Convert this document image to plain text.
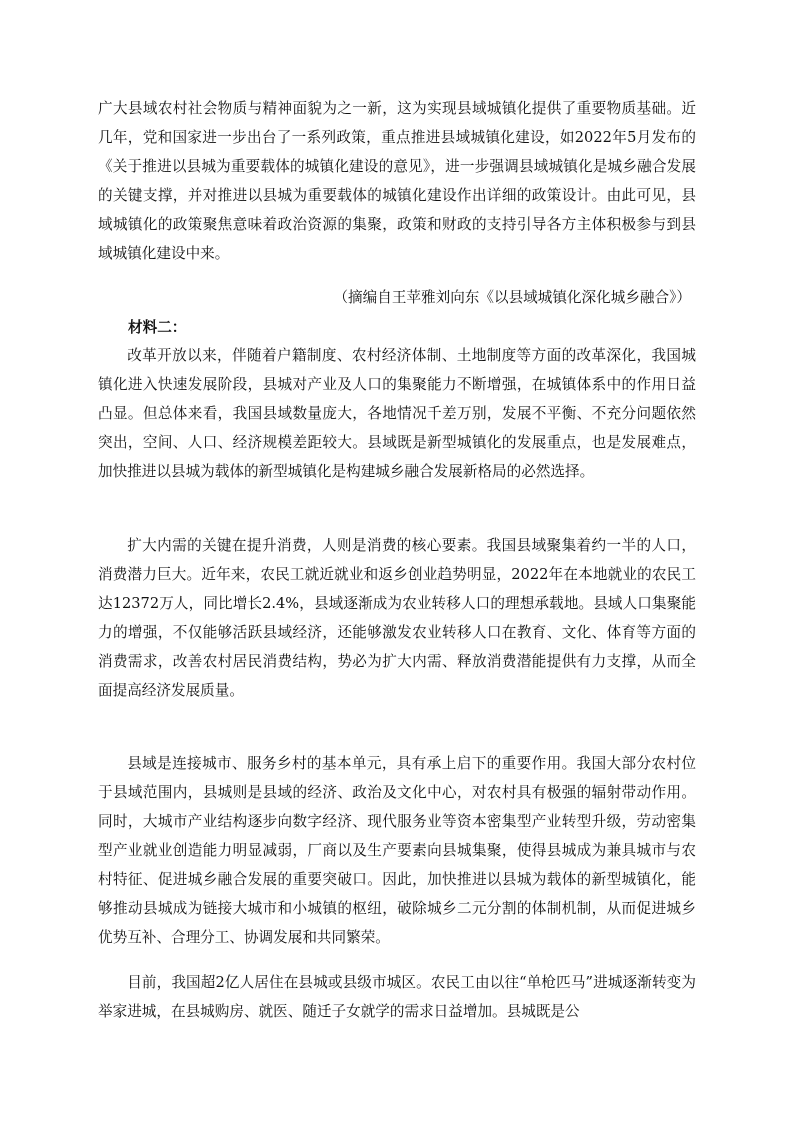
广大县域农村社会物质与精神面貌为之一新，这为实现县域城镇化提供了重要物质基础。近几年，党和国家进一步出台了一系列政策，重点推进县域城镇化建设，如2022年5月发布的《关于推进以县城为重要载体的城镇化建设的意见》，进一步强调县域城镇化是城乡融合发展的关键支撑，并对推进以县城为重要载体的城镇化建设作出详细的政策设计。由此可见，县域城镇化的政策聚焦意味着政治资源的集聚，政策和财政的支持引导各方主体积极参与到县域城镇化建设中来。

（摘编自王苹雅刘向东《以县域城镇化深化城乡融合》）

材料二：

改革开放以来，伴随着户籍制度、农村经济体制、土地制度等方面的改革深化，我国城镇化进入快速发展阶段，县城对产业及人口的集聚能力不断增强，在城镇体系中的作用日益凸显。但总体来看，我国县域数量庞大，各地情况千差万别，发展不平衡、不充分问题依然突出，空间、人口、经济规模差距较大。县域既是新型城镇化的发展重点，也是发展难点，加快推进以县城为载体的新型城镇化是构建城乡融合发展新格局的必然选择。

扩大内需的关键在提升消费，人则是消费的核心要素。我国县域聚集着约一半的人口，消费潜力巨大。近年来，农民工就近就业和返乡创业趋势明显，2022年在本地就业的农民工达12372万人，同比增长2.4%，县域逐渐成为农业转移人口的理想承载地。县域人口集聚能力的增强，不仅能够活跃县域经济，还能够激发农业转移人口在教育、文化、体育等方面的消费需求，改善农村居民消费结构，势必为扩大内需、释放消费潜能提供有力支撑，从而全面提高经济发展质量。

县域是连接城市、服务乡村的基本单元，具有承上启下的重要作用。我国大部分农村位于县域范围内，县城则是县域的经济、政治及文化中心，对农村具有极强的辐射带动作用。同时，大城市产业结构逐步向数字经济、现代服务业等资本密集型产业转型升级，劳动密集型产业就业创造能力明显减弱，厂商以及生产要素向县城集聚，使得县城成为兼具城市与农村特征、促进城乡融合发展的重要突破口。因此，加快推进以县城为载体的新型城镇化，能够推动县城成为链接大城市和小城镇的枢纽，破除城乡二元分割的体制机制，从而促进城乡优势互补、合理分工、协调发展和共同繁荣。

目前，我国超2亿人居住在县城或县级市城区。农民工由以往“单枪匹马”进城逐渐转变为举家进城，在县城购房、就医、随迁子女就学的需求日益增加。县城既是公
